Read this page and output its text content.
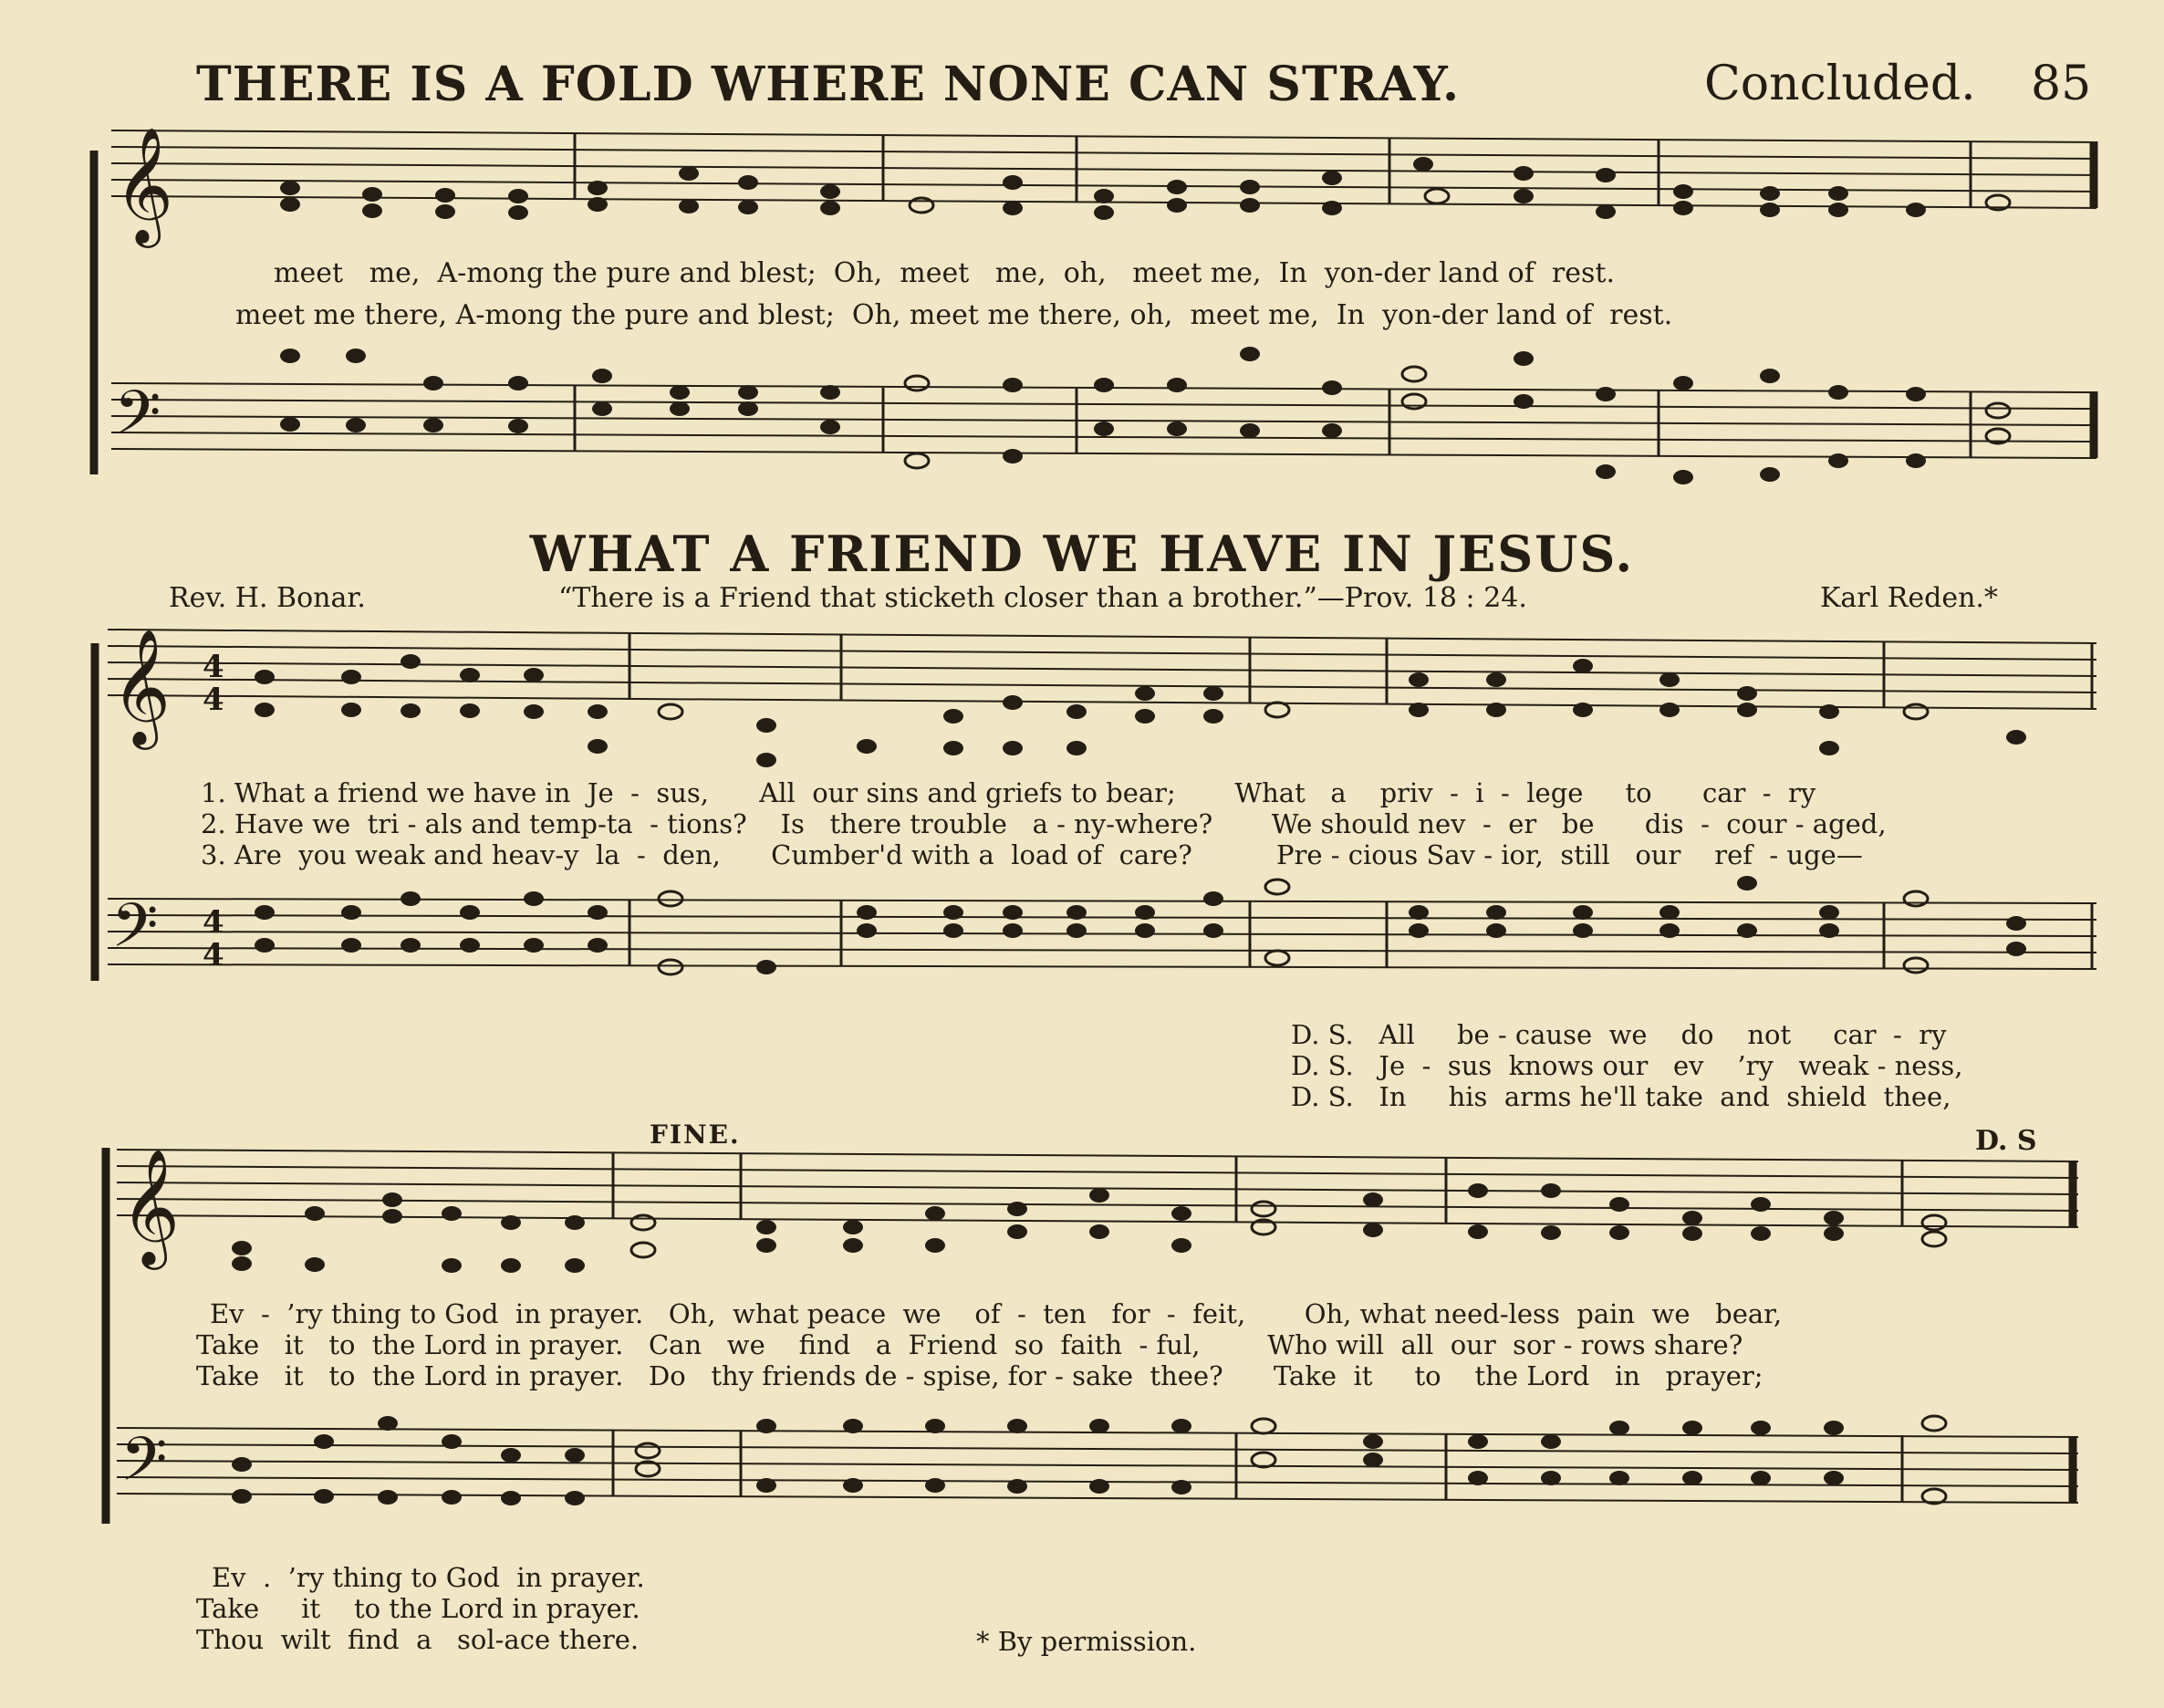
THERE IS A FOLD WHERE NONE CAN STRAY.	Concluded. 85
𝄞
𝄢
𝄞
𝄢
4
4
4
4
𝄞
𝄢
meet   me,  A-mong the pure and blest;  Oh,  meet   me,  oh,   meet me,  In  yon-der land of  rest.
meet me there, A-mong the pure and blest;  Oh, meet me there, oh,  meet me,  In  yon-der land of  rest.
WHAT A FRIEND WE HAVE IN JESUS.
Rev. H. Bonar.	“There is a Friend that sticketh closer than a brother.”—Prov. 18 : 24.	Karl Reden.*
1. What a friend we have in  Je  -  sus,      All  our sins and griefs to bear;       What   a    priv  -  i  -  lege     to      car  -  ry
2. Have we  tri - als and temp-ta  - tions?    Is   there trouble   a - ny-where?       We should nev  -  er   be      dis  -  cour - aged,
3. Are  you weak and heav-y  la  -  den,      Cumber'd with a  load of  care?          Pre - cious Sav - ior,  still   our    ref  - uge—
D. S.   All     be - cause  we    do    not     car  -  ry
D. S.   Je  -  sus  knows our   ev    ’ry   weak - ness,
D. S.   In     his  arms he'll take  and  shield  thee,
FINE.	D. S
Ev  -  ’ry thing to God  in prayer.   Oh,  what peace  we    of  -  ten   for  -  feit,       Oh, what need-less  pain  we   bear,
Take   it   to  the Lord in prayer.   Can   we    find   a  Friend  so  faith  - ful,        Who will  all  our  sor - rows share?
Take   it   to  the Lord in prayer.   Do   thy friends de - spise, for - sake  thee?      Take  it     to    the Lord   in   prayer;
Ev  .  ’ry thing to God  in prayer.
Take     it    to the Lord in prayer.
Thou  wilt  find  a   sol-ace there.	* By permission.
